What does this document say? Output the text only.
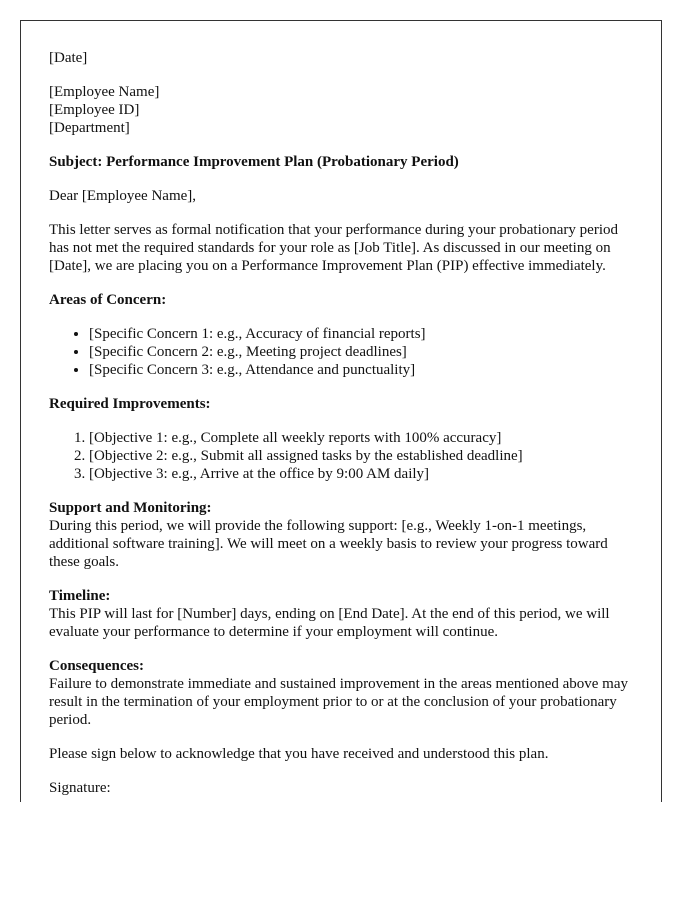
[Date]

[Employee Name]
[Employee ID]
[Department]

Subject: Performance Improvement Plan (Probationary Period)

Dear [Employee Name],

This letter serves as formal notification that your performance during your probationary period has not met the required standards for your role as [Job Title]. As discussed in our meeting on [Date], we are placing you on a Performance Improvement Plan (PIP) effective immediately.

Areas of Concern:

• [Specific Concern 1: e.g., Accuracy of financial reports]
• [Specific Concern 2: e.g., Meeting project deadlines]
• [Specific Concern 3: e.g., Attendance and punctuality]

Required Improvements:

1. [Objective 1: e.g., Complete all weekly reports with 100% accuracy]
2. [Objective 2: e.g., Submit all assigned tasks by the established deadline]
3. [Objective 3: e.g., Arrive at the office by 9:00 AM daily]

Support and Monitoring:
During this period, we will provide the following support: [e.g., Weekly 1-on-1 meetings, additional software training]. We will meet on a weekly basis to review your progress toward these goals.

Timeline:
This PIP will last for [Number] days, ending on [End Date]. At the end of this period, we will evaluate your performance to determine if your employment will continue.

Consequences:
Failure to demonstrate immediate and sustained improvement in the areas mentioned above may result in the termination of your employment prior to or at the conclusion of your probationary period.

Please sign below to acknowledge that you have received and understood this plan.

Signature:
